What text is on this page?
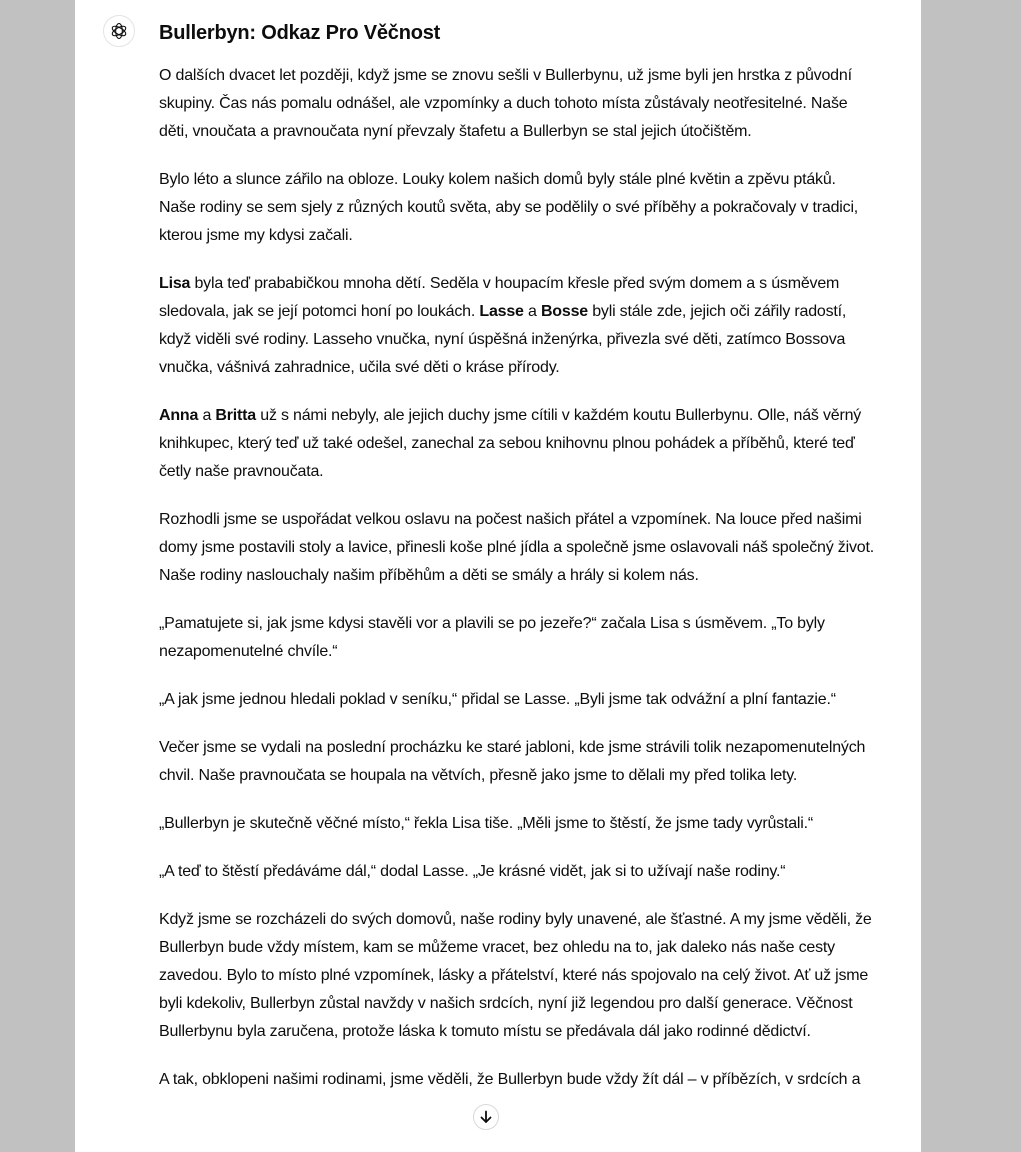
Bullerbyn: Odkaz Pro Věčnost

O dalších dvacet let později, když jsme se znovu sešli v Bullerbynu, už jsme byli jen hrstka z původní skupiny. Čas nás pomalu odnášel, ale vzpomínky a duch tohoto místa zůstávaly neotřesitelné. Naše děti, vnoučata a pravnoučata nyní převzaly štafetu a Bullerbyn se stal jejich útočištěm.

Bylo léto a slunce zářilo na obloze. Louky kolem našich domů byly stále plné květin a zpěvu ptáků. Naše rodiny se sem sjely z různých koutů světa, aby se podělily o své příběhy a pokračovaly v tradici, kterou jsme my kdysi začali.

Lisa byla teď prababičkou mnoha dětí. Seděla v houpacím křesle před svým domem a s úsměvem sledovala, jak se její potomci honí po loukách. Lasse a Bosse byli stále zde, jejich oči zářily radostí, když viděli své rodiny. Lasseho vnučka, nyní úspěšná inženýrka, přivezla své děti, zatímco Bossova vnučka, vášnivá zahradnice, učila své děti o kráse přírody.

Anna a Britta už s námi nebyly, ale jejich duchy jsme cítili v každém koutu Bullerbynu. Olle, náš věrný knihkupec, který teď už také odešel, zanechal za sebou knihovnu plnou pohádek a příběhů, které teď četly naše pravnoučata.

Rozhodli jsme se uspořádat velkou oslavu na počest našich přátel a vzpomínek. Na louce před našimi domy jsme postavili stoly a lavice, přinesli koše plné jídla a společně jsme oslavovali náš společný život. Naše rodiny naslouchaly našim příběhům a děti se smály a hrály si kolem nás.

„Pamatujete si, jak jsme kdysi stavěli vor a plavili se po jezeře?“ začala Lisa s úsměvem. „To byly nezapomenutelné chvíle.“

„A jak jsme jednou hledali poklad v seníku,“ přidal se Lasse. „Byli jsme tak odvážní a plní fantazie.“

Večer jsme se vydali na poslední procházku ke staré jabloni, kde jsme strávili tolik nezapomenutelných chvil. Naše pravnoučata se houpala na větvích, přesně jako jsme to dělali my před tolika lety.

„Bullerbyn je skutečně věčné místo,“ řekla Lisa tiše. „Měli jsme to štěstí, že jsme tady vyrůstali.“

„A teď to štěstí předáváme dál,“ dodal Lasse. „Je krásné vidět, jak si to užívají naše rodiny.“

Když jsme se rozcházeli do svých domovů, naše rodiny byly unavené, ale šťastné. A my jsme věděli, že Bullerbyn bude vždy místem, kam se můžeme vracet, bez ohledu na to, jak daleko nás naše cesty zavedou. Bylo to místo plné vzpomínek, lásky a přátelství, které nás spojovalo na celý život. Ať už jsme byli kdekoliv, Bullerbyn zůstal navždy v našich srdcích, nyní již legendou pro další generace. Věčnost Bullerbynu byla zaručena, protože láska k tomuto místu se předávala dál jako rodinné dědictví.

A tak, obklopeni našimi rodinami, jsme věděli, že Bullerbyn bude vždy žít dál – v příbězích, v srdcích a
